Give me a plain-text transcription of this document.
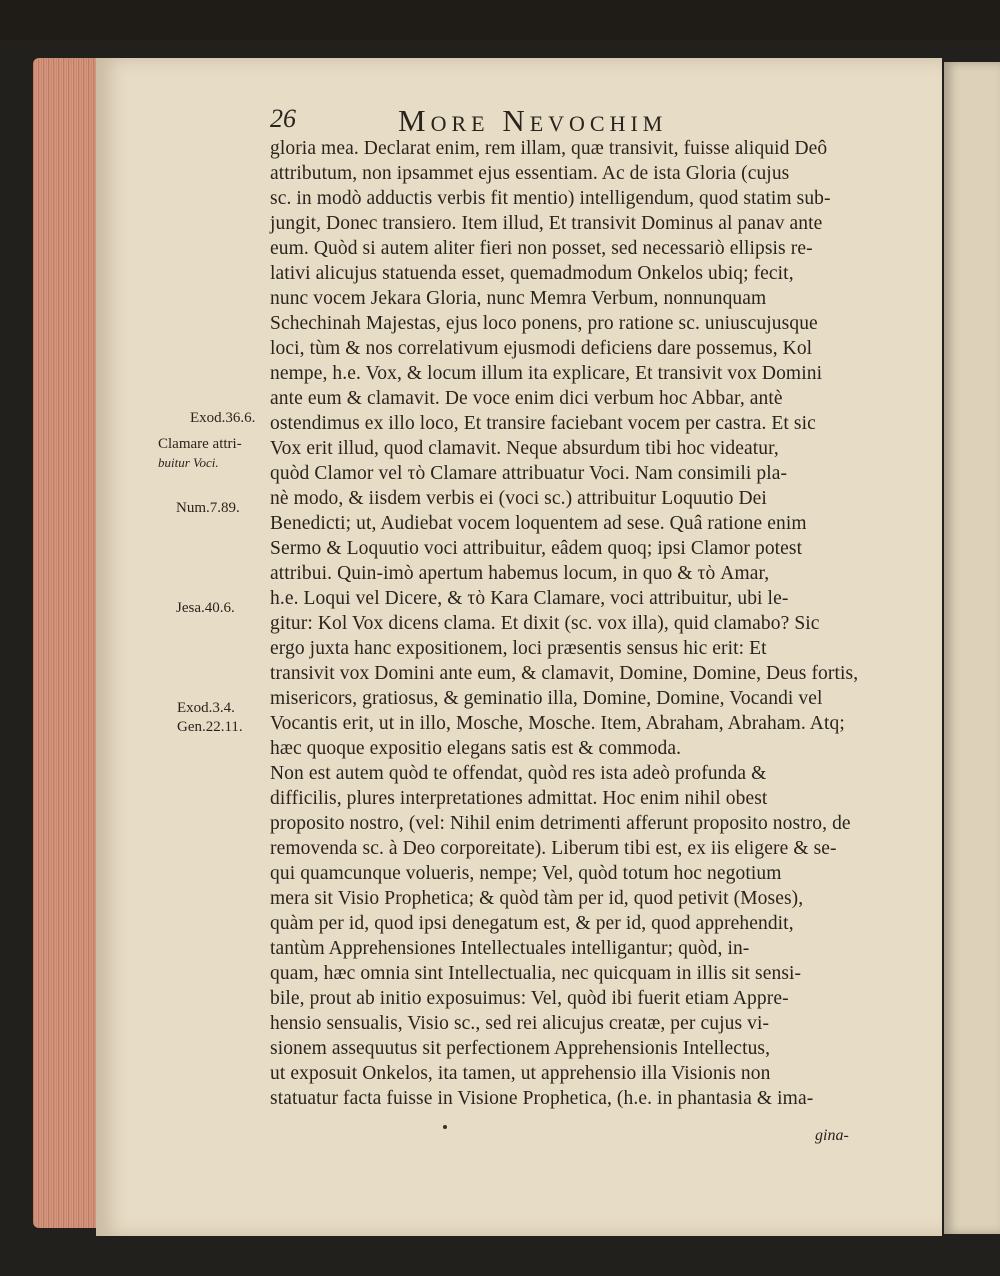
26	More Nevochim
gloria mea. Declarat enim, rem illam, quæ transivit, fuisse aliquid Deô
attributum, non ipsammet ejus essentiam. Ac de ista Gloria (cujus
sc. in modò adductis verbis fit mentio) intelligendum, quod statim sub-
jungit, Donec transiero. Item illud, Et transivit Dominus al panav ante
eum. Quòd si autem aliter fieri non posset, sed necessariò ellipsis re-
lativi alicujus statuenda esset, quemadmodum Onkelos ubiq; fecit,
nunc vocem Jekara Gloria, nunc Memra Verbum, nonnunquam
Schechinah Majestas, ejus loco ponens, pro ratione sc. uniuscujusque
loci, tùm & nos correlativum ejusmodi deficiens dare possemus, Kol
nempe, h.e. Vox, & locum illum ita explicare, Et transivit vox Domini
ante eum & clamavit. De voce enim dici verbum hoc Abbar, antè
ostendimus ex illo loco, Et transire faciebant vocem per castra. Et sic
Vox erit illud, quod clamavit. Neque absurdum tibi hoc videatur,
quòd Clamor vel τὸ Clamare attribuatur Voci. Nam consimili pla-
nè modo, & iisdem verbis ei (voci sc.) attribuitur Loquutio Dei
Benedicti; ut, Audiebat vocem loquentem ad sese. Quâ ratione enim
Sermo & Loquutio voci attribuitur, eâdem quoq; ipsi Clamor potest
attribui. Quin-imò apertum habemus locum, in quo & τὸ Amar,
h.e. Loqui vel Dicere, & τὸ Kara Clamare, voci attribuitur, ubi le-
gitur: Kol Vox dicens clama. Et dixit (sc. vox illa), quid clamabo? Sic
ergo juxta hanc expositionem, loci præsentis sensus hic erit: Et
transivit vox Domini ante eum, & clamavit, Domine, Domine, Deus fortis,
misericors, gratiosus, & geminatio illa, Domine, Domine, Vocandi vel
Vocantis erit, ut in illo, Mosche, Mosche. Item, Abraham, Abraham. Atq;
hæc quoque expositio elegans satis est & commoda.
Non est autem quòd te offendat, quòd res ista adeò profunda &
difficilis, plures interpretationes admittat. Hoc enim nihil obest
proposito nostro, (vel: Nihil enim detrimenti afferunt proposito nostro, de
removenda sc. à Deo corporeitate). Liberum tibi est, ex iis eligere & se-
qui quamcunque volueris, nempe; Vel, quòd totum hoc negotium
mera sit Visio Prophetica; & quòd tàm per id, quod petivit (Moses),
quàm per id, quod ipsi denegatum est, & per id, quod apprehendit,
tantùm Apprehensiones Intellectuales intelligantur; quòd, in-
quam, hæc omnia sint Intellectualia, nec quicquam in illis sit sensi-
bile, prout ab initio exposuimus: Vel, quòd ibi fuerit etiam Appre-
hensio sensualis, Visio sc., sed rei alicujus creatæ, per cujus vi-
sionem assequutus sit perfectionem Apprehensionis Intellectus,
ut exposuit Onkelos, ita tamen, ut apprehensio illa Visionis non
statuatur facta fuisse in Visione Prophetica, (h.e. in phantasia & ima-
Exod.36.6.
Clamare attri-
buitur Voci.
Num.7.89.
Jesa.40.6.
Exod.3.4.
Gen.22.11.
gina-
